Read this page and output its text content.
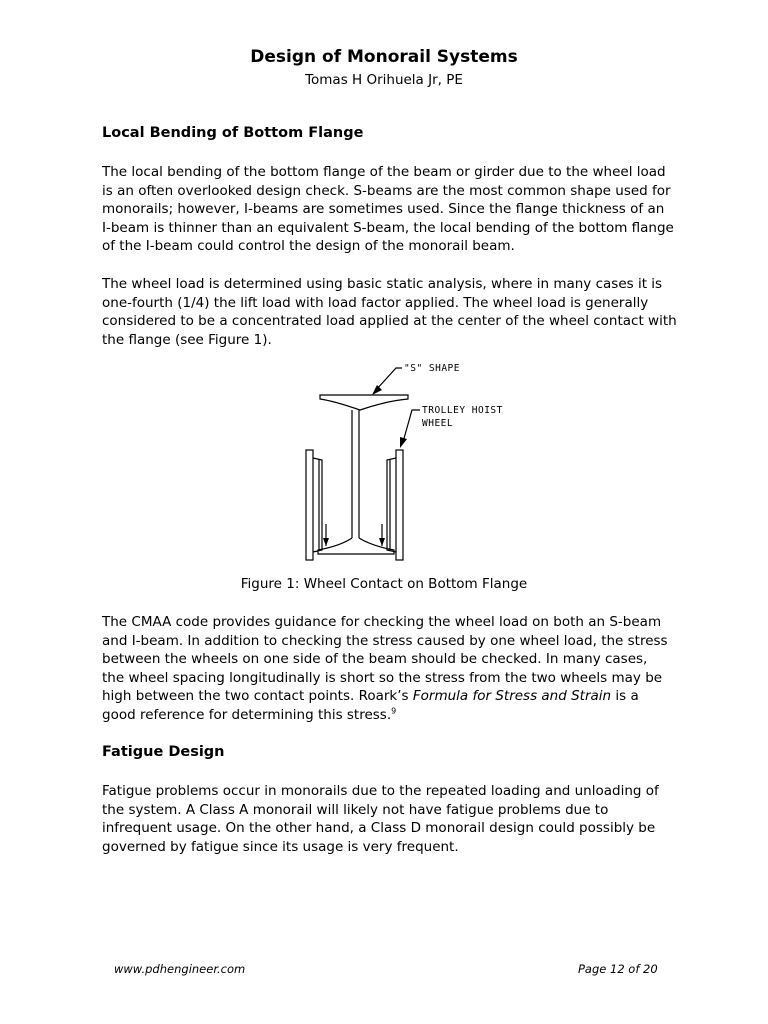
Design of Monorail Systems
Tomas H Orihuela Jr, PE
Local Bending of Bottom Flange

The local bending of the bottom flange of the beam or girder due to the wheel load
is an often overlooked design check. S-beams are the most common shape used for
monorails; however, I-beams are sometimes used. Since the flange thickness of an
I-beam is thinner than an equivalent S-beam, the local bending of the bottom flange
of the I-beam could control the design of the monorail beam.

The wheel load is determined using basic static analysis, where in many cases it is
one-fourth (1/4) the lift load with load factor applied. The wheel load is generally
considered to be a concentrated load applied at the center of the wheel contact with
the flange (see Figure 1).

"S" SHAPE
TROLLEY HOIST
WHEEL
Figure 1: Wheel Contact on Bottom Flange

The CMAA code provides guidance for checking the wheel load on both an S-beam
and I-beam. In addition to checking the stress caused by one wheel load, the stress
between the wheels on one side of the beam should be checked. In many cases,
the wheel spacing longitudinally is short so the stress from the two wheels may be
high between the two contact points. Roark’s Formula for Stress and Strain is a
good reference for determining this stress.$^9$

Fatigue Design

Fatigue problems occur in monorails due to the repeated loading and unloading of
the system. A Class A monorail will likely not have fatigue problems due to
infrequent usage. On the other hand, a Class D monorail design could possibly be
governed by fatigue since its usage is very frequent.

www.pdhengineer.com	Page 12 of 20
